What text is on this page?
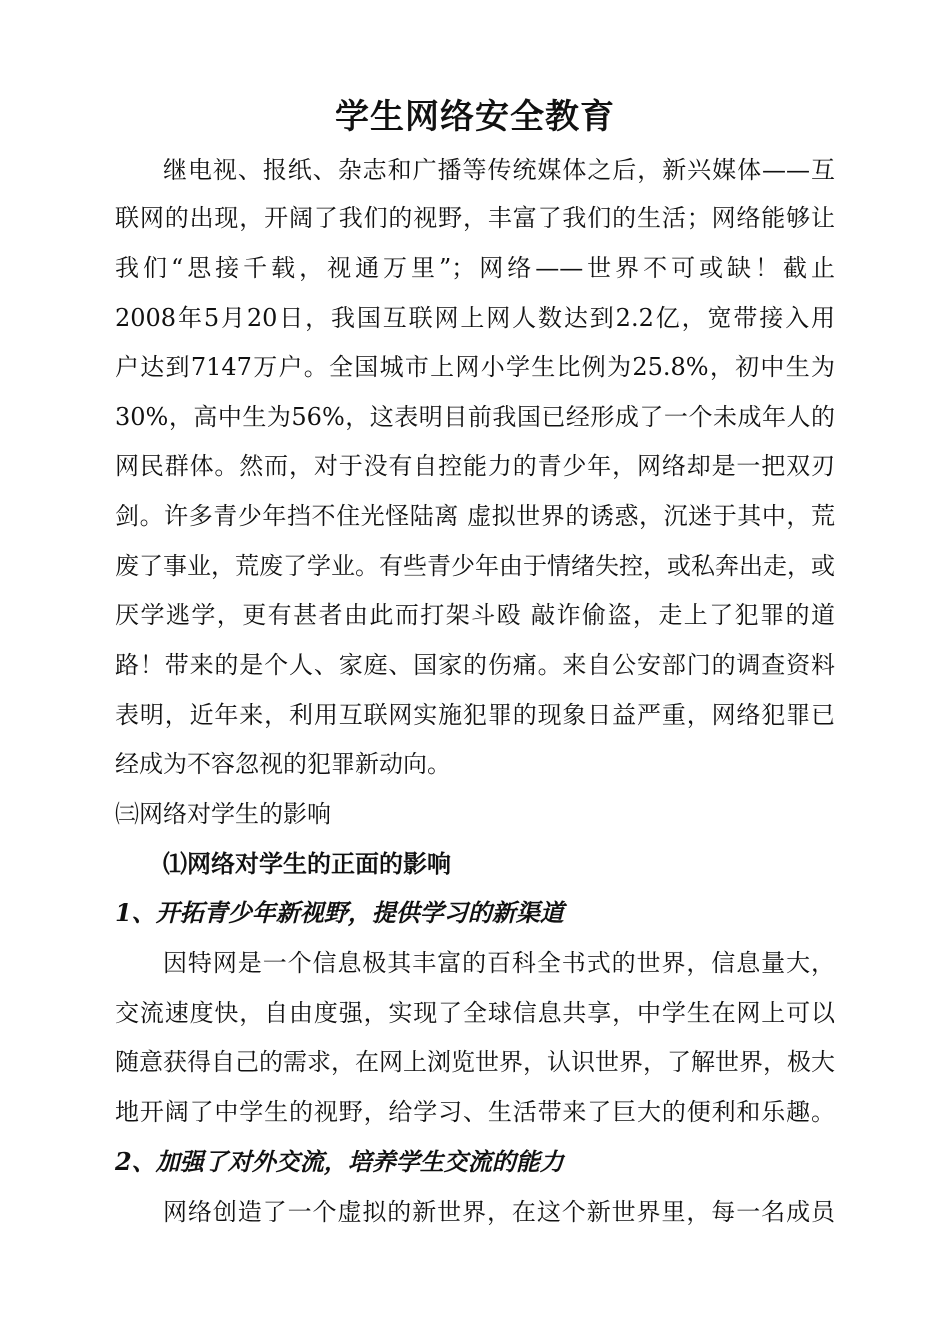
学生网络安全教育
继电视、报纸、杂志和广播等传统媒体之后，新兴媒体——互
联网的出现，开阔了我们的视野，丰富了我们的生活；网络能够让
我们“思接千载，视通万里”；网络——世界不可或缺！截止
2008年5月20日，我国互联网上网人数达到2.2亿，宽带接入用
户达到7147万户。全国城市上网小学生比例为25.8%，初中生为
30%，高中生为56%，这表明目前我国已经形成了一个未成年人的
网民群体。然而，对于没有自控能力的青少年，网络却是一把双刃
剑。许多青少年挡不住光怪陆离 虚拟世界的诱惑，沉迷于其中，荒
废了事业，荒废了学业。有些青少年由于情绪失控，或私奔出走，或
厌学逃学，更有甚者由此而打架斗殴 敲诈偷盗，走上了犯罪的道
路！带来的是个人、家庭、国家的伤痛。来自公安部门的调查资料
表明，近年来，利用互联网实施犯罪的现象日益严重，网络犯罪已
经成为不容忽视的犯罪新动向。
㈢网络对学生的影响
⑴网络对学生的正面的影响
1、开拓青少年新视野，提供学习的新渠道
因特网是一个信息极其丰富的百科全书式的世界，信息量大，
交流速度快，自由度强，实现了全球信息共享，中学生在网上可以
随意获得自己的需求，在网上浏览世界，认识世界，了解世界，极大
地开阔了中学生的视野，给学习、生活带来了巨大的便利和乐趣。
2、加强了对外交流，培养学生交流的能力
网络创造了一个虚拟的新世界，在这个新世界里，每一名成员
